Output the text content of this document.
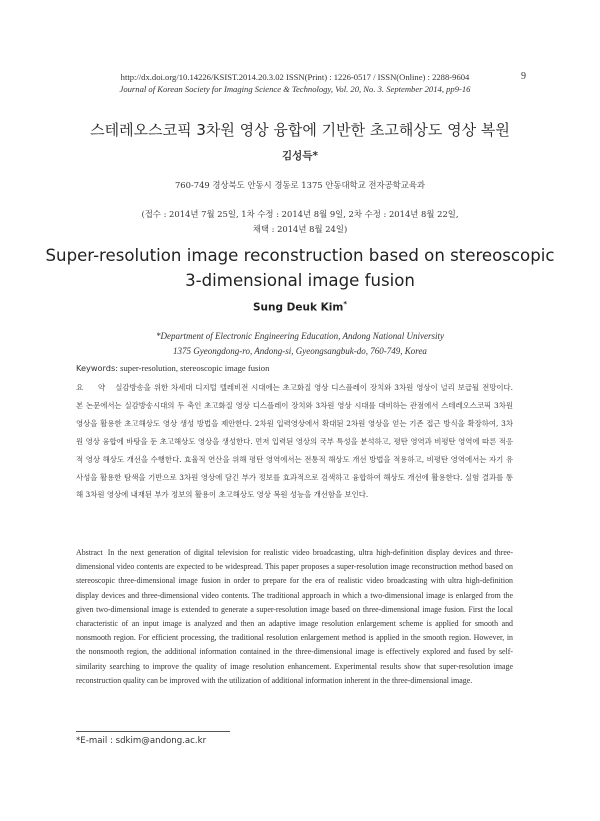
http://dx.doi.org/10.14226/KSIST.2014.20.3.02 ISSN(Print) : 1226-0517 / ISSN(Online) : 2288-9604	9
Journal of Korean Society for Imaging Science & Technology, Vol. 20, No. 3. September 2014, pp9-16
스테레오스코픽 3차원 영상 융합에 기반한 초고해상도 영상 복원
김성득*
760-749 경상북도 안동시 경동로 1375 안동대학교 전자공학교육과
(접수 : 2014년 7월 25일, 1차 수정 : 2014년 8월 9일, 2차 수정 : 2014년 8월 22일,
채택 : 2014년 8월 24일)
Super-resolution image reconstruction based on stereoscopic
3-dimensional image fusion
Sung Deuk Kim*
*Department of Electronic Engineering Education, Andong National University
1375 Gyeongdong-ro, Andong-si, Gyeongsangbuk-do, 760-749, Korea
Keywords: super-resolution, stereoscopic image fusion
요 약 실감방송을 위한 차세대 디지털 텔레비전 시대에는 초고화질 영상 디스플레이 장치와 3차원 영상이 널리 보급될 전망이다. 본 논문에서는 실감방송시대의 두 축인 초고화질 영상 디스플레이 장치와 3차원 영상 시대를 대비하는 관점에서 스테레오스코픽 3차원 영상을 활용한 초고해상도 영상 생성 방법을 제안한다. 2차원 입력영상에서 확대된 2차원 영상을 얻는 기존 접근 방식을 확장하여, 3차원 영상 융합에 바탕을 둔 초고해상도 영상을 생성한다. 먼저 입력된 영상의 국부 특성을 분석하고, 평탄 영역과 비평탄 영역에 따른 적응적 영상 해상도 개선을 수행한다. 효율적 연산을 위해 평탄 영역에서는 전통적 해상도 개선 방법을 적용하고, 비평탄 영역에서는 자기 유사성을 활용한 탐색을 기반으로 3차원 영상에 담긴 부가 정보를 효과적으로 검색하고 융합하여 해상도 개선에 활용한다. 실험 결과를 통해 3차원 영상에 내재된 부가 정보의 활용이 초고해상도 영상 복원 성능을 개선함을 보인다.
Abstract In the next generation of digital television for realistic video broadcasting, ultra high-definition display devices and three-dimensional video contents are expected to be widespread. This paper proposes a super-resolution image reconstruction method based on stereoscopic three-dimensional image fusion in order to prepare for the era of realistic video broadcasting with ultra high-definition display devices and three-dimensional video contents. The traditional approach in which a two-dimensional image is enlarged from the given two-dimensional image is extended to generate a super-resolution image based on three-dimensional image fusion. First the local characteristic of an input image is analyzed and then an adaptive image resolution enlargement scheme is applied for smooth and nonsmooth region. For efficient processing, the traditional resolution enlargement method is applied in the smooth region. However, in the nonsmooth region, the additional information contained in the three-dimensional image is effectively explored and fused by self-similarity searching to improve the quality of image resolution enhancement. Experimental results show that super-resolution image reconstruction quality can be improved with the utilization of additional information inherent in the three-dimensional image.
*E-mail : sdkim@andong.ac.kr
